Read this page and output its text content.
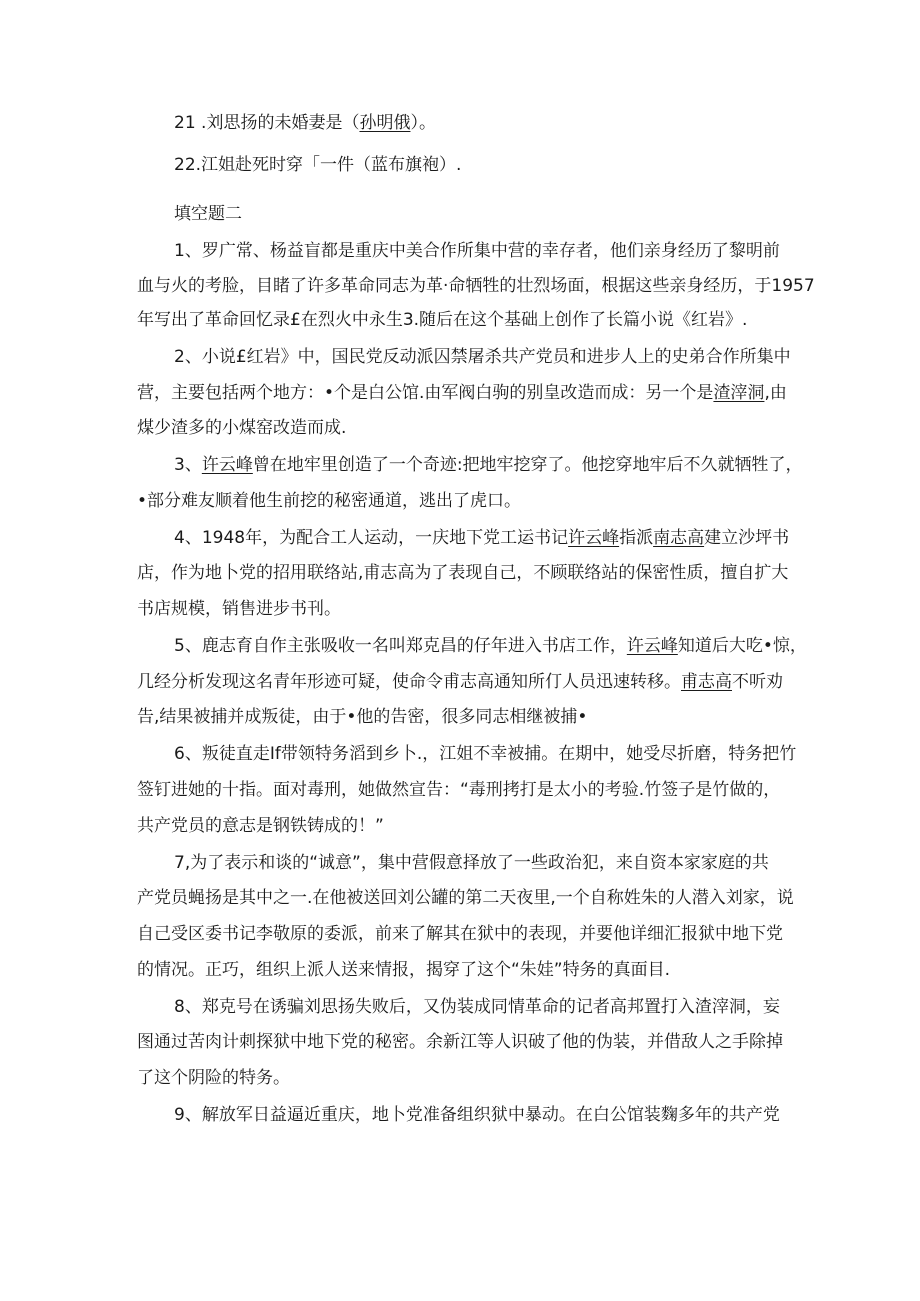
21 .刘思扬的未婚妻是（孙明俄）。
22.江姐赴死时穿「一件（蓝布旗袍）.
填空题二
1、罗广常、杨益盲都是重庆中美合作所集中营的幸存者，他们亲身经历了黎明前
血与火的考脸，目睹了许多革命同志为革·命牺牲的壮烈场面，根据这些亲身经历，于1957
年写出了革命回忆录£在烈火中永生3.随后在这个基础上创作了长篇小说《红岩》.
2、小说£红岩》中，国民党反动派囚禁屠杀共产党员和进步人上的史弟合作所集中
营，主要包括两个地方：•个是白公馆.由军阀白驹的别皇改造而成：另一个是渣滓洞,由
煤少渣多的小煤窑改造而成.
3、许云峰曾在地牢里创造了一个奇迹:把地牢挖穿了。他挖穿地牢后不久就牺牲了，
•部分难友顺着他生前挖的秘密通道，逃出了虎口。
4、1948年，为配合工人运动，一庆地下党工运书记许云峰指派南志高建立沙坪书
店，作为地卜党的招用联络站,甫志高为了表现自己，不顾联络站的保密性质，擅自扩大
书店规模，销售进步书刊。
5、鹿志育自作主张吸收一名叫郑克昌的仔年进入书店工作，许云峰知道后大吃•惊，
几经分析发现这名青年形迹可疑，使命令甫志高通知所仃人员迅速转移。甫志高不听劝
告,结果被捕并成叛徒，由于•他的告密，很多同志相继被捕•
6、叛徒直走If带领特务滔到乡卜.，江姐不幸被捕。在期中，她受尽折磨，特务把竹
签钉进她的十指。面对毒刑，她做然宣告：“毒刑拷打是太小的考验.竹签子是竹做的，
共产党员的意志是钢铁铸成的！”
7,为了表示和谈的“诚意”，集中营假意择放了一些政治犯，来自资本家家庭的共
产党员蝇扬是其中之一.在他被送回刘公罐的第二天夜里,一个自称姓朱的人潜入刘家，说
自己受区委书记李敬原的委派，前来了解其在狱中的表现，并要他详细汇报狱中地下党
的情况。正巧，组织上派人送来情报，揭穿了这个“朱娃”特务的真面目.
8、郑克号在诱骗刘思扬失败后，又伪装成同情革命的记者高邦置打入渣滓洞，妄
图通过苦肉计刺探狱中地下党的秘密。余新江等人识破了他的伪装，并借敌人之手除掉
了这个阴险的特务。
9、解放军日益逼近重庆，地卜党准备组织狱中暴动。在白公馆装麴多年的共产党
